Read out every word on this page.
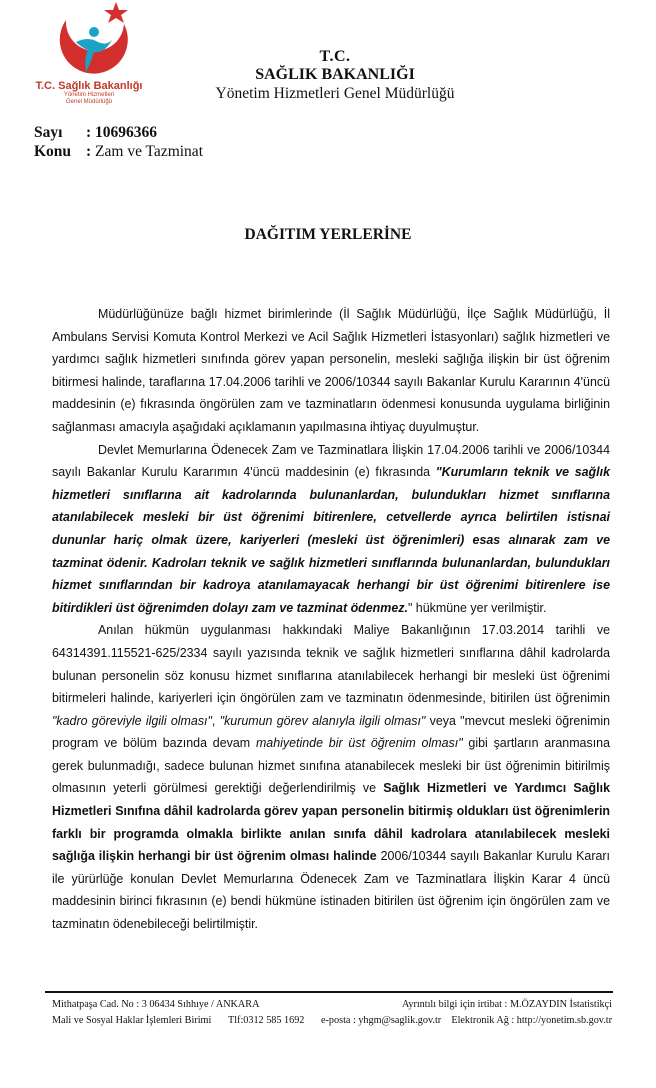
T.C. Sağlık Bakanlığı
Yönetim Hizmetleri
Genel Müdürlüğü
T.C.
SAĞLIK BAKANLIĞI
Yönetim Hizmetleri Genel Müdürlüğü
Sayı : 10696366
Konu : Zam ve Tazminat
DAĞITIM YERLERİNE

Müdürlüğünüze bağlı hizmet birimlerinde (İl Sağlık Müdürlüğü, İlçe Sağlık Müdürlüğü, İl Ambulans Servisi Komuta Kontrol Merkezi ve Acil Sağlık Hizmetleri İstasyonları) sağlık hizmetleri ve yardımcı sağlık hizmetleri sınıfında görev yapan personelin, mesleki sağlığa ilişkin bir üst öğrenim bitirmesi halinde, taraflarına 17.04.2006 tarihli ve 2006/10344 sayılı Bakanlar Kurulu Kararının 4'üncü maddesinin (e) fıkrasında öngörülen zam ve tazminatların ödenmesi konusunda uygulama birliğinin sağlanması amacıyla aşağıdaki açıklamanın yapılmasına ihtiyaç duyulmuştur.

Devlet Memurlarına Ödenecek Zam ve Tazminatlara İlişkin 17.04.2006 tarihli ve 2006/10344 sayılı Bakanlar Kurulu Kararımın 4'üncü maddesinin (e) fıkrasında "Kurumların teknik ve sağlık hizmetleri sınıflarına ait kadrolarında bulunanlardan, bulundukları hizmet sınıflarına atanılabilecek mesleki bir üst öğrenimi bitirenlere, cetvellerde ayrıca belirtilen istisnai dununlar hariç olmak üzere, kariyerleri (mesleki üst öğrenimleri) esas alınarak zam ve tazminat ödenir. Kadroları teknik ve sağlık hizmetleri sınıflarında bulunanlardan, bulundukları hizmet sınıflarından bir kadroya atanılamayacak herhangi bir üst öğrenimi bitirenlere ise bitirdikleri üst öğrenimden dolayı zam ve tazminat ödenmez." hükmüne yer verilmiştir.

Anılan hükmün uygulanması hakkındaki Maliye Bakanlığının 17.03.2014 tarihli ve 64314391.115521-625/2334 sayılı yazısında teknik ve sağlık hizmetleri sınıflarına dâhil kadrolarda bulunan personelin söz konusu hizmet sınıflarına atanılabilecek herhangi bir mesleki üst öğrenimi bitirmeleri halinde, kariyerleri için öngörülen zam ve tazminatın ödenmesinde, bitirilen üst öğrenimin "kadro göreviyle ilgili olması", "kurumun görev alanıyla ilgili olması" veya "mevcut mesleki öğrenimin program ve bölüm bazında devam mahiyetinde bir üst öğrenim olması" gibi şartların aranmasına gerek bulunmadığı, sadece bulunan hizmet sınıfına atanabilecek mesleki bir üst öğrenimin bitirilmiş olmasının yeterli görülmesi gerektiği değerlendirilmiş ve Sağlık Hizmetleri ve Yardımcı Sağlık Hizmetleri Sınıfına dâhil kadrolarda görev yapan personelin bitirmiş oldukları üst öğrenimlerin farklı bir programda olmakla birlikte anılan sınıfa dâhil kadrolara atanılabilecek mesleki sağlığa ilişkin herhangi bir üst öğrenim olması halinde 2006/10344 sayılı Bakanlar Kurulu Kararı ile yürürlüğe konulan Devlet Memurlarına Ödenecek Zam ve Tazminatlara İlişkin Karar 4 üncü maddesinin birinci fıkrasının (e) bendi hükmüne istinaden bitirilen üst öğrenim için öngörülen zam ve tazminatın ödenebileceği belirtilmiştir.

Mithatpaşa Cad. No : 3 06434 Sıhhıye / ANKARA	Ayrıntılı bilgi için irtibat : M.ÖZAYDIN İstatistikçi
Mali ve Sosyal Haklar İşlemleri Birimi Tlf:0312 585 1692 e-posta : yhgm@saglik.gov.tr Elektronik Ağ : http://yonetim.sb.gov.tr
